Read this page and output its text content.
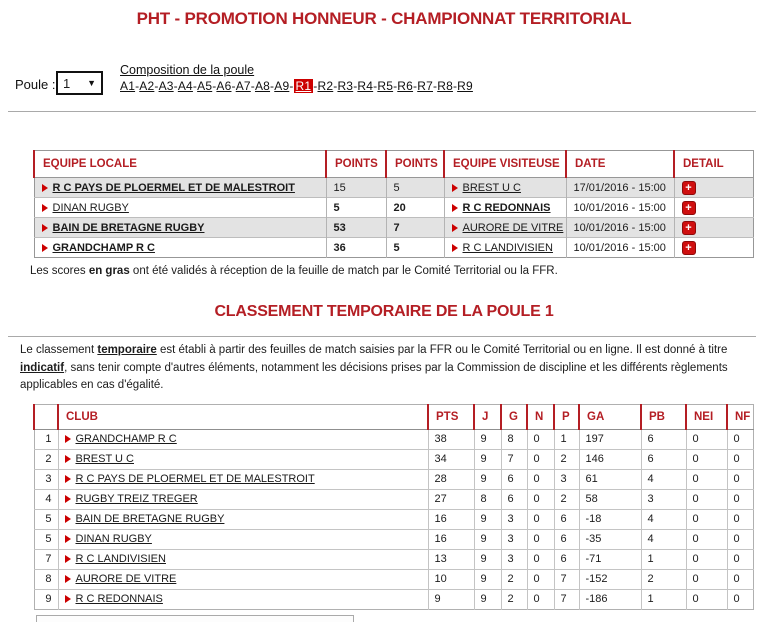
PHT - PROMOTION HONNEUR - CHAMPIONNAT TERRITORIAL
Poule : 1 ▼
Composition de la poule
A1-A2-A3-A4-A5-A6-A7-A8-A9- R1 -R2-R3-R4-R5-R6-R7-R8-R9
EQUIPE LOCALE	POINTS	POINTS	EQUIPE VISITEUSE	DATE	DETAIL
R C PAYS DE PLOERMEL ET DE MALESTROIT	15	5	BREST U C	17/01/2016 - 15:00	+
DINAN RUGBY	5	20	R C REDONNAIS	10/01/2016 - 15:00	+
BAIN DE BRETAGNE RUGBY	53	7	AURORE DE VITRE	10/01/2016 - 15:00	+
GRANDCHAMP R C	36	5	R C LANDIVISIEN	10/01/2016 - 15:00	+

Les scores en gras ont été validés à réception de la feuille de match par le Comité Territorial ou la FFR.

CLASSEMENT TEMPORAIRE DE LA POULE 1

Le classement temporaire est établi à partir des feuilles de match saisies par la FFR ou le Comité Territorial ou en ligne. Il est donné à titre indicatif, sans tenir compte d'autres éléments, notamment les décisions prises par la Commission de discipline et les différents règlements applicables en cas d'égalité.

	CLUB	PTS	J	G	N	P	GA	PB	NEI	NF
1	GRANDCHAMP R C	38	9	8	0	1	197	6	0	0
2	BREST U C	34	9	7	0	2	146	6	0	0
3	R C PAYS DE PLOERMEL ET DE MALESTROIT	28	9	6	0	3	61	4	0	0
4	RUGBY TREIZ TREGER	27	8	6	0	2	58	3	0	0
5	BAIN DE BRETAGNE RUGBY	16	9	3	0	6	-18	4	0	0
5	DINAN RUGBY	16	9	3	0	6	-35	4	0	0
7	R C LANDIVISIEN	13	9	3	0	6	-71	1	0	0
8	AURORE DE VITRE	10	9	2	0	7	-152	2	0	0
9	R C REDONNAIS	9	9	2	0	7	-186	1	0	0
